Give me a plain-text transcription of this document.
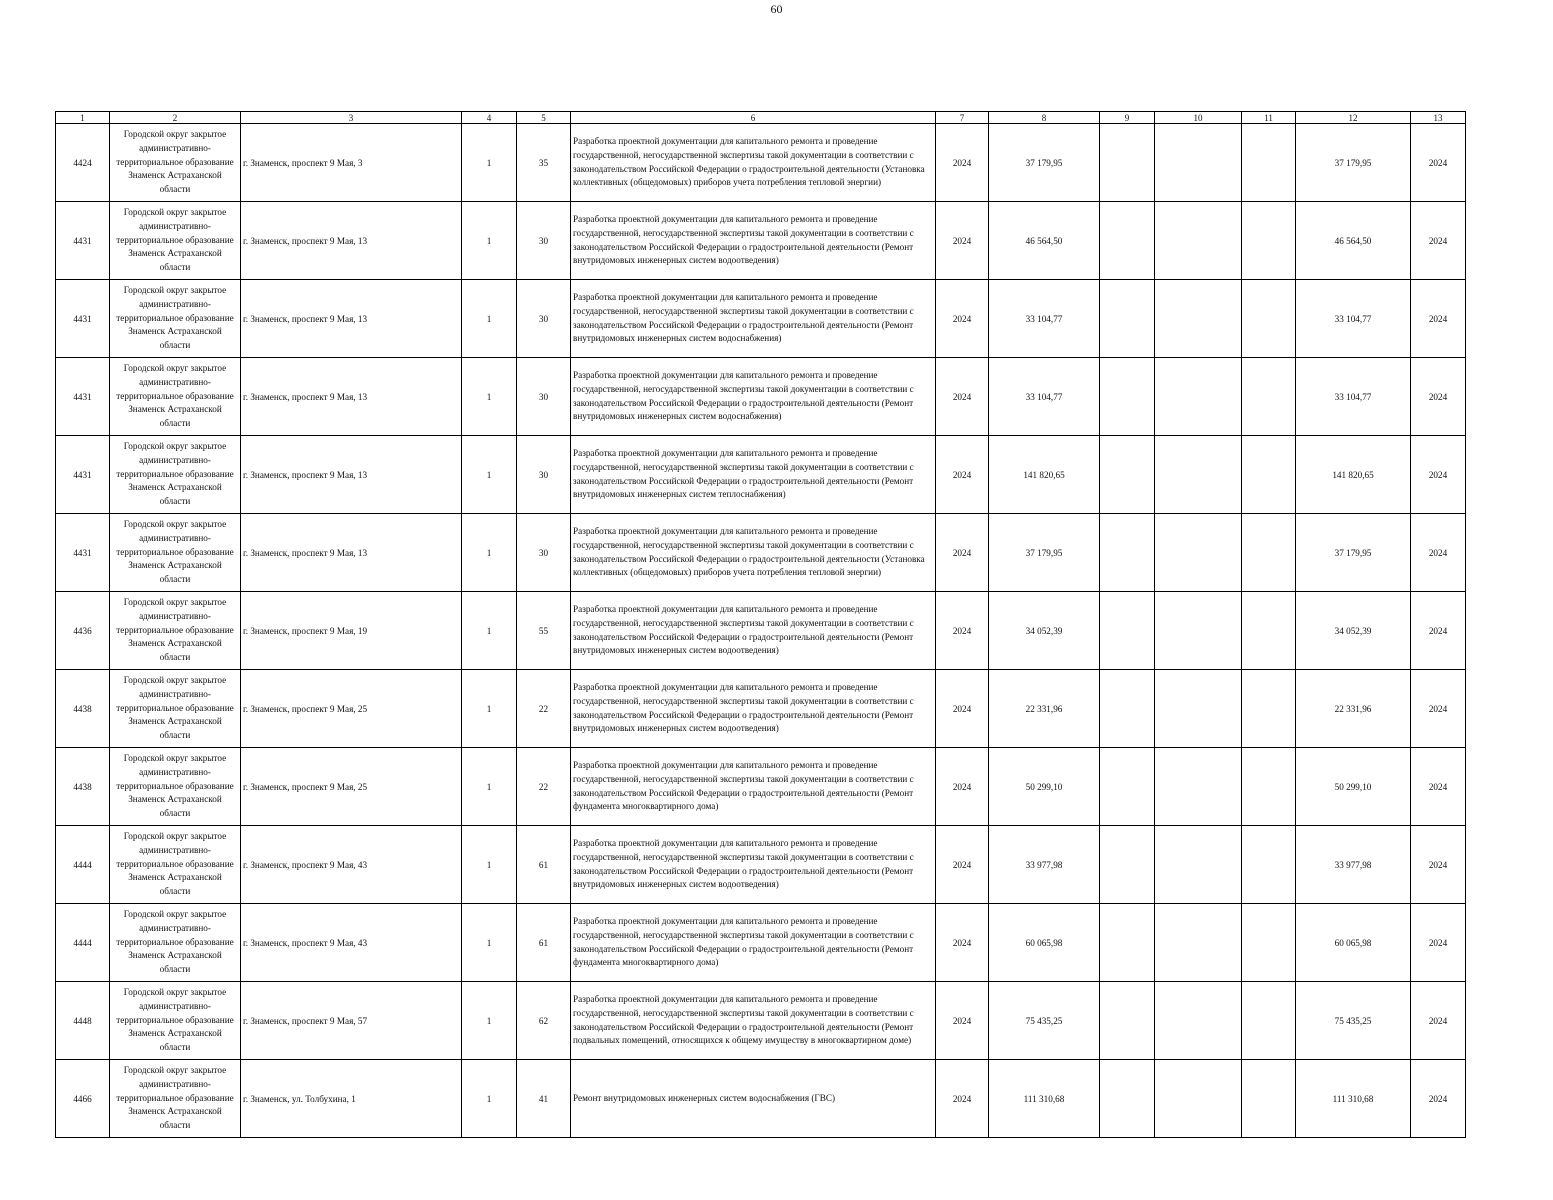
60
1	2	3	4	5	6	7	8	9	10	11	12	13
4424	Городской округ закрытое административно-территориальное образование Знаменск Астраханской области	г. Знаменск, проспект 9 Мая, 3	1	35	Разработка проектной документации для капитального ремонта и проведение государственной, негосударственной экспертизы такой документации в соответствии с законодательством Российской Федерации о градостроительной деятельности (Установка коллективных (общедомовых) приборов учета потребления тепловой энергии)	2024	37 179,95				37 179,95	2024
4431	Городской округ закрытое административно-территориальное образование Знаменск Астраханской области	г. Знаменск, проспект 9 Мая, 13	1	30	Разработка проектной документации для капитального ремонта и проведение государственной, негосударственной экспертизы такой документации в соответствии с законодательством Российской Федерации о градостроительной деятельности (Ремонт внутридомовых инженерных систем водоотведения)	2024	46 564,50				46 564,50	2024
4431	Городской округ закрытое административно-территориальное образование Знаменск Астраханской области	г. Знаменск, проспект 9 Мая, 13	1	30	Разработка проектной документации для капитального ремонта и проведение государственной, негосударственной экспертизы такой документации в соответствии с законодательством Российской Федерации о градостроительной деятельности (Ремонт внутридомовых инженерных систем водоснабжения)	2024	33 104,77				33 104,77	2024
4431	Городской округ закрытое административно-территориальное образование Знаменск Астраханской области	г. Знаменск, проспект 9 Мая, 13	1	30	Разработка проектной документации для капитального ремонта и проведение государственной, негосударственной экспертизы такой документации в соответствии с законодательством Российской Федерации о градостроительной деятельности (Ремонт внутридомовых инженерных систем водоснабжения)	2024	33 104,77				33 104,77	2024
4431	Городской округ закрытое административно-территориальное образование Знаменск Астраханской области	г. Знаменск, проспект 9 Мая, 13	1	30	Разработка проектной документации для капитального ремонта и проведение государственной, негосударственной экспертизы такой документации в соответствии с законодательством Российской Федерации о градостроительной деятельности (Ремонт внутридомовых инженерных систем теплоснабжения)	2024	141 820,65				141 820,65	2024
4431	Городской округ закрытое административно-территориальное образование Знаменск Астраханской области	г. Знаменск, проспект 9 Мая, 13	1	30	Разработка проектной документации для капитального ремонта и проведение государственной, негосударственной экспертизы такой документации в соответствии с законодательством Российской Федерации о градостроительной деятельности (Установка коллективных (общедомовых) приборов учета потребления тепловой энергии)	2024	37 179,95				37 179,95	2024
4436	Городской округ закрытое административно-территориальное образование Знаменск Астраханской области	г. Знаменск, проспект 9 Мая, 19	1	55	Разработка проектной документации для капитального ремонта и проведение государственной, негосударственной экспертизы такой документации в соответствии с законодательством Российской Федерации о градостроительной деятельности (Ремонт внутридомовых инженерных систем водоотведения)	2024	34 052,39				34 052,39	2024
4438	Городской округ закрытое административно-территориальное образование Знаменск Астраханской области	г. Знаменск, проспект 9 Мая, 25	1	22	Разработка проектной документации для капитального ремонта и проведение государственной, негосударственной экспертизы такой документации в соответствии с законодательством Российской Федерации о градостроительной деятельности (Ремонт внутридомовых инженерных систем водоотведения)	2024	22 331,96				22 331,96	2024
4438	Городской округ закрытое административно-территориальное образование Знаменск Астраханской области	г. Знаменск, проспект 9 Мая, 25	1	22	Разработка проектной документации для капитального ремонта и проведение государственной, негосударственной экспертизы такой документации в соответствии с законодательством Российской Федерации о градостроительной деятельности (Ремонт фундамента многоквартирного дома)	2024	50 299,10				50 299,10	2024
4444	Городской округ закрытое административно-территориальное образование Знаменск Астраханской области	г. Знаменск, проспект 9 Мая, 43	1	61	Разработка проектной документации для капитального ремонта и проведение государственной, негосударственной экспертизы такой документации в соответствии с законодательством Российской Федерации о градостроительной деятельности (Ремонт внутридомовых инженерных систем водоотведения)	2024	33 977,98				33 977,98	2024
4444	Городской округ закрытое административно-территориальное образование Знаменск Астраханской области	г. Знаменск, проспект 9 Мая, 43	1	61	Разработка проектной документации для капитального ремонта и проведение государственной, негосударственной экспертизы такой документации в соответствии с законодательством Российской Федерации о градостроительной деятельности (Ремонт фундамента многоквартирного дома)	2024	60 065,98				60 065,98	2024
4448	Городской округ закрытое административно-территориальное образование Знаменск Астраханской области	г. Знаменск, проспект 9 Мая, 57	1	62	Разработка проектной документации для капитального ремонта и проведение государственной, негосударственной экспертизы такой документации в соответствии с законодательством Российской Федерации о градостроительной деятельности (Ремонт подвальных помещений, относящихся к общему имуществу в многоквартирном доме)	2024	75 435,25				75 435,25	2024
4466	Городской округ закрытое административно-территориальное образование Знаменск Астраханской области	г. Знаменск, ул. Толбухина, 1	1	41	Ремонт внутридомовых инженерных систем водоснабжения (ГВС)	2024	111 310,68				111 310,68	2024
